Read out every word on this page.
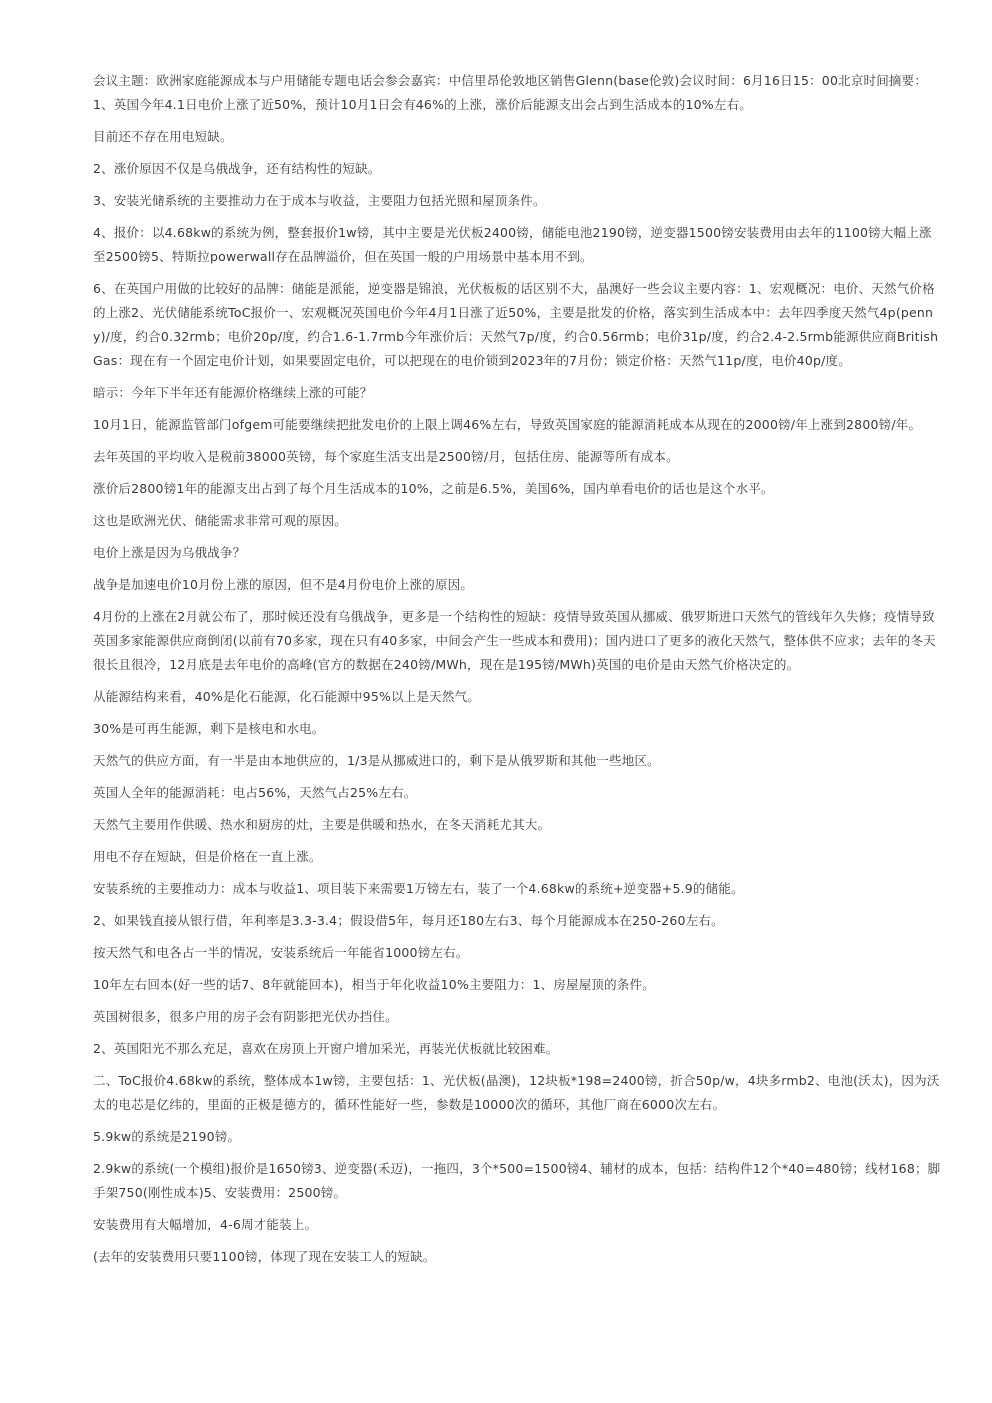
会议主题：欧洲家庭能源成本与户用储能专题电话会参会嘉宾：中信里昂伦敦地区销售Glenn(base伦敦)会议时间：6月16日15：00北京时间摘要：1、英国今年4.1日电价上涨了近50%，预计10月1日会有46%的上涨，涨价后能源支出会占到生活成本的10%左右。

目前还不存在用电短缺。

2、涨价原因不仅是乌俄战争，还有结构性的短缺。

3、安装光储系统的主要推动力在于成本与收益，主要阻力包括光照和屋顶条件。

4、报价：以4.68kw的系统为例，整套报价1w镑，其中主要是光伏板2400镑，储能电池2190镑，逆变器1500镑安装费用由去年的1100镑大幅上涨至2500镑5、特斯拉powerwall存在品牌溢价，但在英国一般的户用场景中基本用不到。

6、在英国户用做的比较好的品牌：储能是派能，逆变器是锦浪，光伏板板的话区别不大，晶澳好一些会议主要内容：1、宏观概况：电价、天然气价格的上涨2、光伏储能系统ToC报价一、宏观概况英国电价今年4月1日涨了近50%，主要是批发的价格，落实到生活成本中：去年四季度天然气4p(penny)/度，约合0.32rmb；电价20p/度，约合1.6-1.7rmb今年涨价后：天然气7p/度，约合0.56rmb；电价31p/度，约合2.4-2.5rmb能源供应商BritishGas：现在有一个固定电价计划，如果要固定电价，可以把现在的电价锁到2023年的7月份；锁定价格：天然气11p/度，电价40p/度。

暗示：今年下半年还有能源价格继续上涨的可能？

10月1日，能源监管部门ofgem可能要继续把批发电价的上限上调46%左右，导致英国家庭的能源消耗成本从现在的2000镑/年上涨到2800镑/年。

去年英国的平均收入是税前38000英镑，每个家庭生活支出是2500镑/月，包括住房、能源等所有成本。

涨价后2800镑1年的能源支出占到了每个月生活成本的10%，之前是6.5%，美国6%，国内单看电价的话也是这个水平。

这也是欧洲光伏、储能需求非常可观的原因。

电价上涨是因为乌俄战争？

战争是加速电价10月份上涨的原因，但不是4月份电价上涨的原因。

4月份的上涨在2月就公布了，那时候还没有乌俄战争，更多是一个结构性的短缺：疫情导致英国从挪威、俄罗斯进口天然气的管线年久失修；疫情导致英国多家能源供应商倒闭(以前有70多家，现在只有40多家，中间会产生一些成本和费用)；国内进口了更多的液化天然气，整体供不应求；去年的冬天很长且很冷，12月底是去年电价的高峰(官方的数据在240镑/MWh，现在是195镑/MWh)英国的电价是由天然气价格决定的。

从能源结构来看，40%是化石能源，化石能源中95%以上是天然气。

30%是可再生能源，剩下是核电和水电。

天然气的供应方面，有一半是由本地供应的，1/3是从挪威进口的，剩下是从俄罗斯和其他一些地区。

英国人全年的能源消耗：电占56%，天然气占25%左右。

天然气主要用作供暖、热水和厨房的灶，主要是供暖和热水，在冬天消耗尤其大。

用电不存在短缺，但是价格在一直上涨。

安装系统的主要推动力：成本与收益1、项目装下来需要1万镑左右，装了一个4.68kw的系统+逆变器+5.9的储能。

2、如果钱直接从银行借，年利率是3.3-3.4；假设借5年，每月还180左右3、每个月能源成本在250-260左右。

按天然气和电各占一半的情况，安装系统后一年能省1000镑左右。

10年左右回本(好一些的话7、8年就能回本)，相当于年化收益10%主要阻力：1、房屋屋顶的条件。

英国树很多，很多户用的房子会有阴影把光伏办挡住。

2、英国阳光不那么充足，喜欢在房顶上开窗户增加采光，再装光伏板就比较困难。

二、ToC报价4.68kw的系统，整体成本1w镑，主要包括：1、光伏板(晶澳)，12块板*198=2400镑，折合50p/w，4块多rmb2、电池(沃太)，因为沃太的电芯是亿纬的，里面的正极是德方的，循环性能好一些，参数是10000次的循环，其他厂商在6000次左右。

5.9kw的系统是2190镑。

2.9kw的系统(一个模组)报价是1650镑3、逆变器(禾迈)，一拖四，3个*500=1500镑4、辅材的成本，包括：结构件12个*40=480镑；线材168；脚手架750(刚性成本)5、安装费用：2500镑。

安装费用有大幅增加，4-6周才能装上。

(去年的安装费用只要1100镑，体现了现在安装工人的短缺。
